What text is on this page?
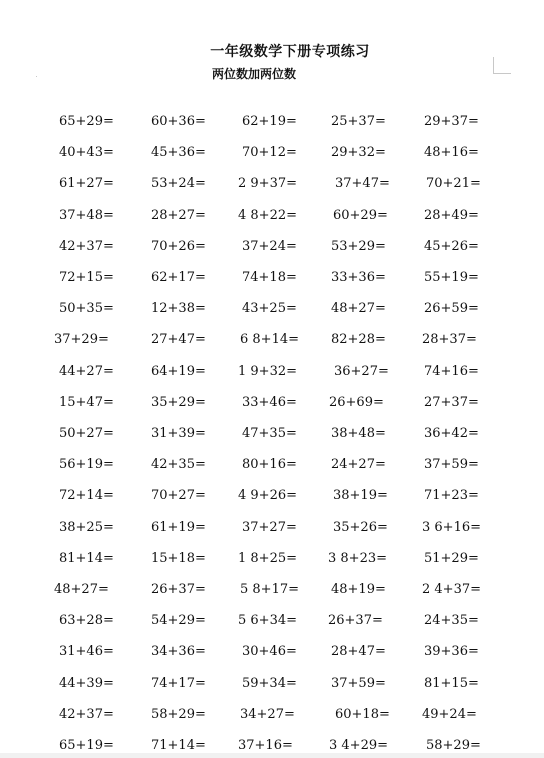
一年级数学下册专项练习
两位数加两位数
65+29=	60+36=	62+19=	25+37=	29+37=
40+43=	45+36=	70+12=	29+32=	48+16=
61+27=	53+24= 2 9+37=	37+47=	70+21=
37+48=	28+27= 4 8+22=	60+29=	28+49=
42+37=	70+26=	37+24=	53+29=	45+26=
72+15=	62+17=	74+18=	33+36=	55+19=
50+35=	12+38=	43+25=	48+27=	26+59=
37+29=	27+47=	6 8+14= 82+28=	28+37=
44+27=	64+19= 1 9+32=	36+27=	74+16=
15+47=	35+29=	33+46= 26+69=	27+37=
50+27=	31+39=	47+35=	38+48=	36+42=
56+19=	42+35=	80+16=	24+27=	37+59=
72+14=	70+27= 4 9+26=	38+19=	71+23=
38+25=	61+19=	37+27=	35+26=	3 6+16=
81+14=	15+18= 1 8+25= 3 8+23=	51+29=
48+27=	26+37=	5 8+17= 48+19=	2 4+37=
63+28=	54+29= 5 6+34= 26+37=	24+35=
31+46=	34+36=	30+46=	28+47=	39+36=
44+39=	74+17=	59+34=	37+59=	81+15=
42+37=	58+29=	34+27=	60+18= 49+24=
65+19=	71+14= 37+16=	3 4+29=	58+29=
